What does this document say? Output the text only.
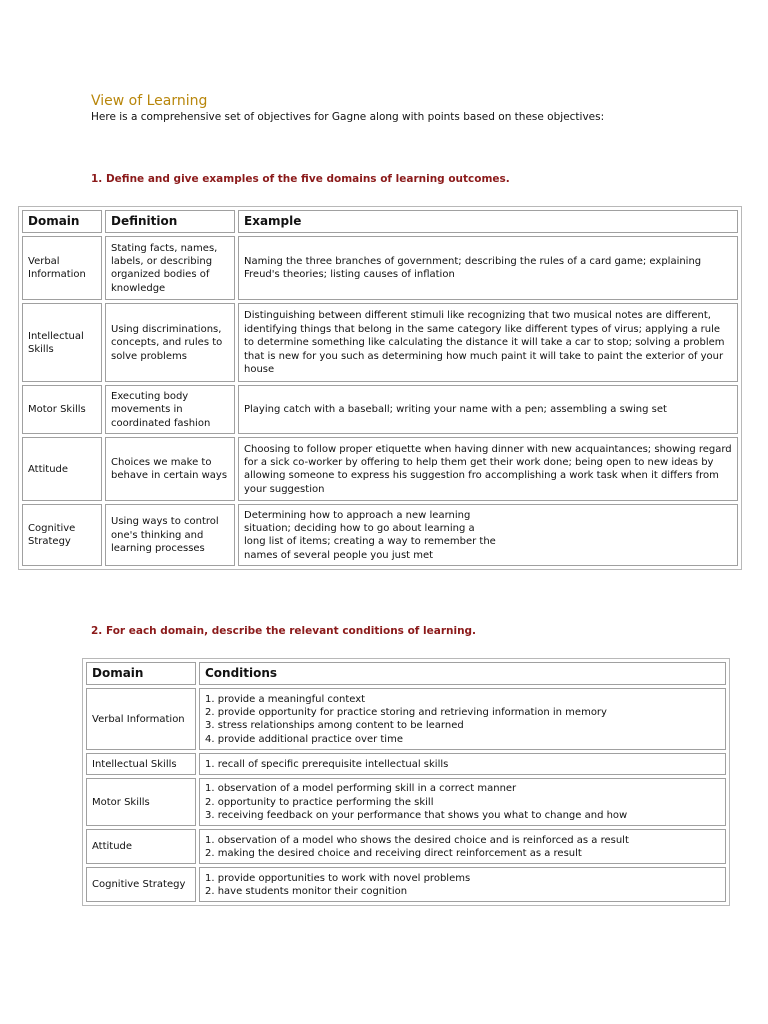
View of Learning
Here is a comprehensive set of objectives for Gagne along with points based on these objectives:
1. Define and give examples of the five domains of learning outcomes.
Domain	Definition	Example
Verbal Information	Stating facts, names, labels, or describing organized bodies of knowledge	Naming the three branches of government; describing the rules of a card game; explaining Freud's theories; listing causes of inflation
Intellectual Skills	Using discriminations, concepts, and rules to solve problems	Distinguishing between different stimuli like recognizing that two musical notes are different, identifying things that belong in the same category like different types of virus; applying a rule to determine something like calculating the distance it will take a car to stop; solving a problem that is new for you such as determining how much paint it will take to paint the exterior of your house
Motor Skills	Executing body movements in coordinated fashion	Playing catch with a baseball; writing your name with a pen; assembling a swing set
Attitude	Choices we make to behave in certain ways	Choosing to follow proper etiquette when having dinner with new acquaintances; showing regard for a sick co-worker by offering to help them get their work done; being open to new ideas by allowing someone to express his suggestion fro accomplishing a work task when it differs from your suggestion
Cognitive Strategy	Using ways to control one's thinking and learning processes	Determining how to approach a new learning situation; deciding how to go about learning a long list of items; creating a way to remember the names of several people you just met
2. For each domain, describe the relevant conditions of learning.
Domain	Conditions
Verbal Information	1. provide a meaningful context
2. provide opportunity for practice storing and retrieving information in memory
3. stress relationships among content to be learned
4. provide additional practice over time

Intellectual Skills	1. recall of specific prerequisite intellectual skills

Motor Skills	1. observation of a model performing skill in a correct manner
2. opportunity to practice performing the skill
3. receiving feedback on your performance that shows you what to change and how

Attitude	1. observation of a model who shows the desired choice and is reinforced as a result
2. making the desired choice and receiving direct reinforcement as a result

Cognitive Strategy	1. provide opportunities to work with novel problems
2. have students monitor their cognition
